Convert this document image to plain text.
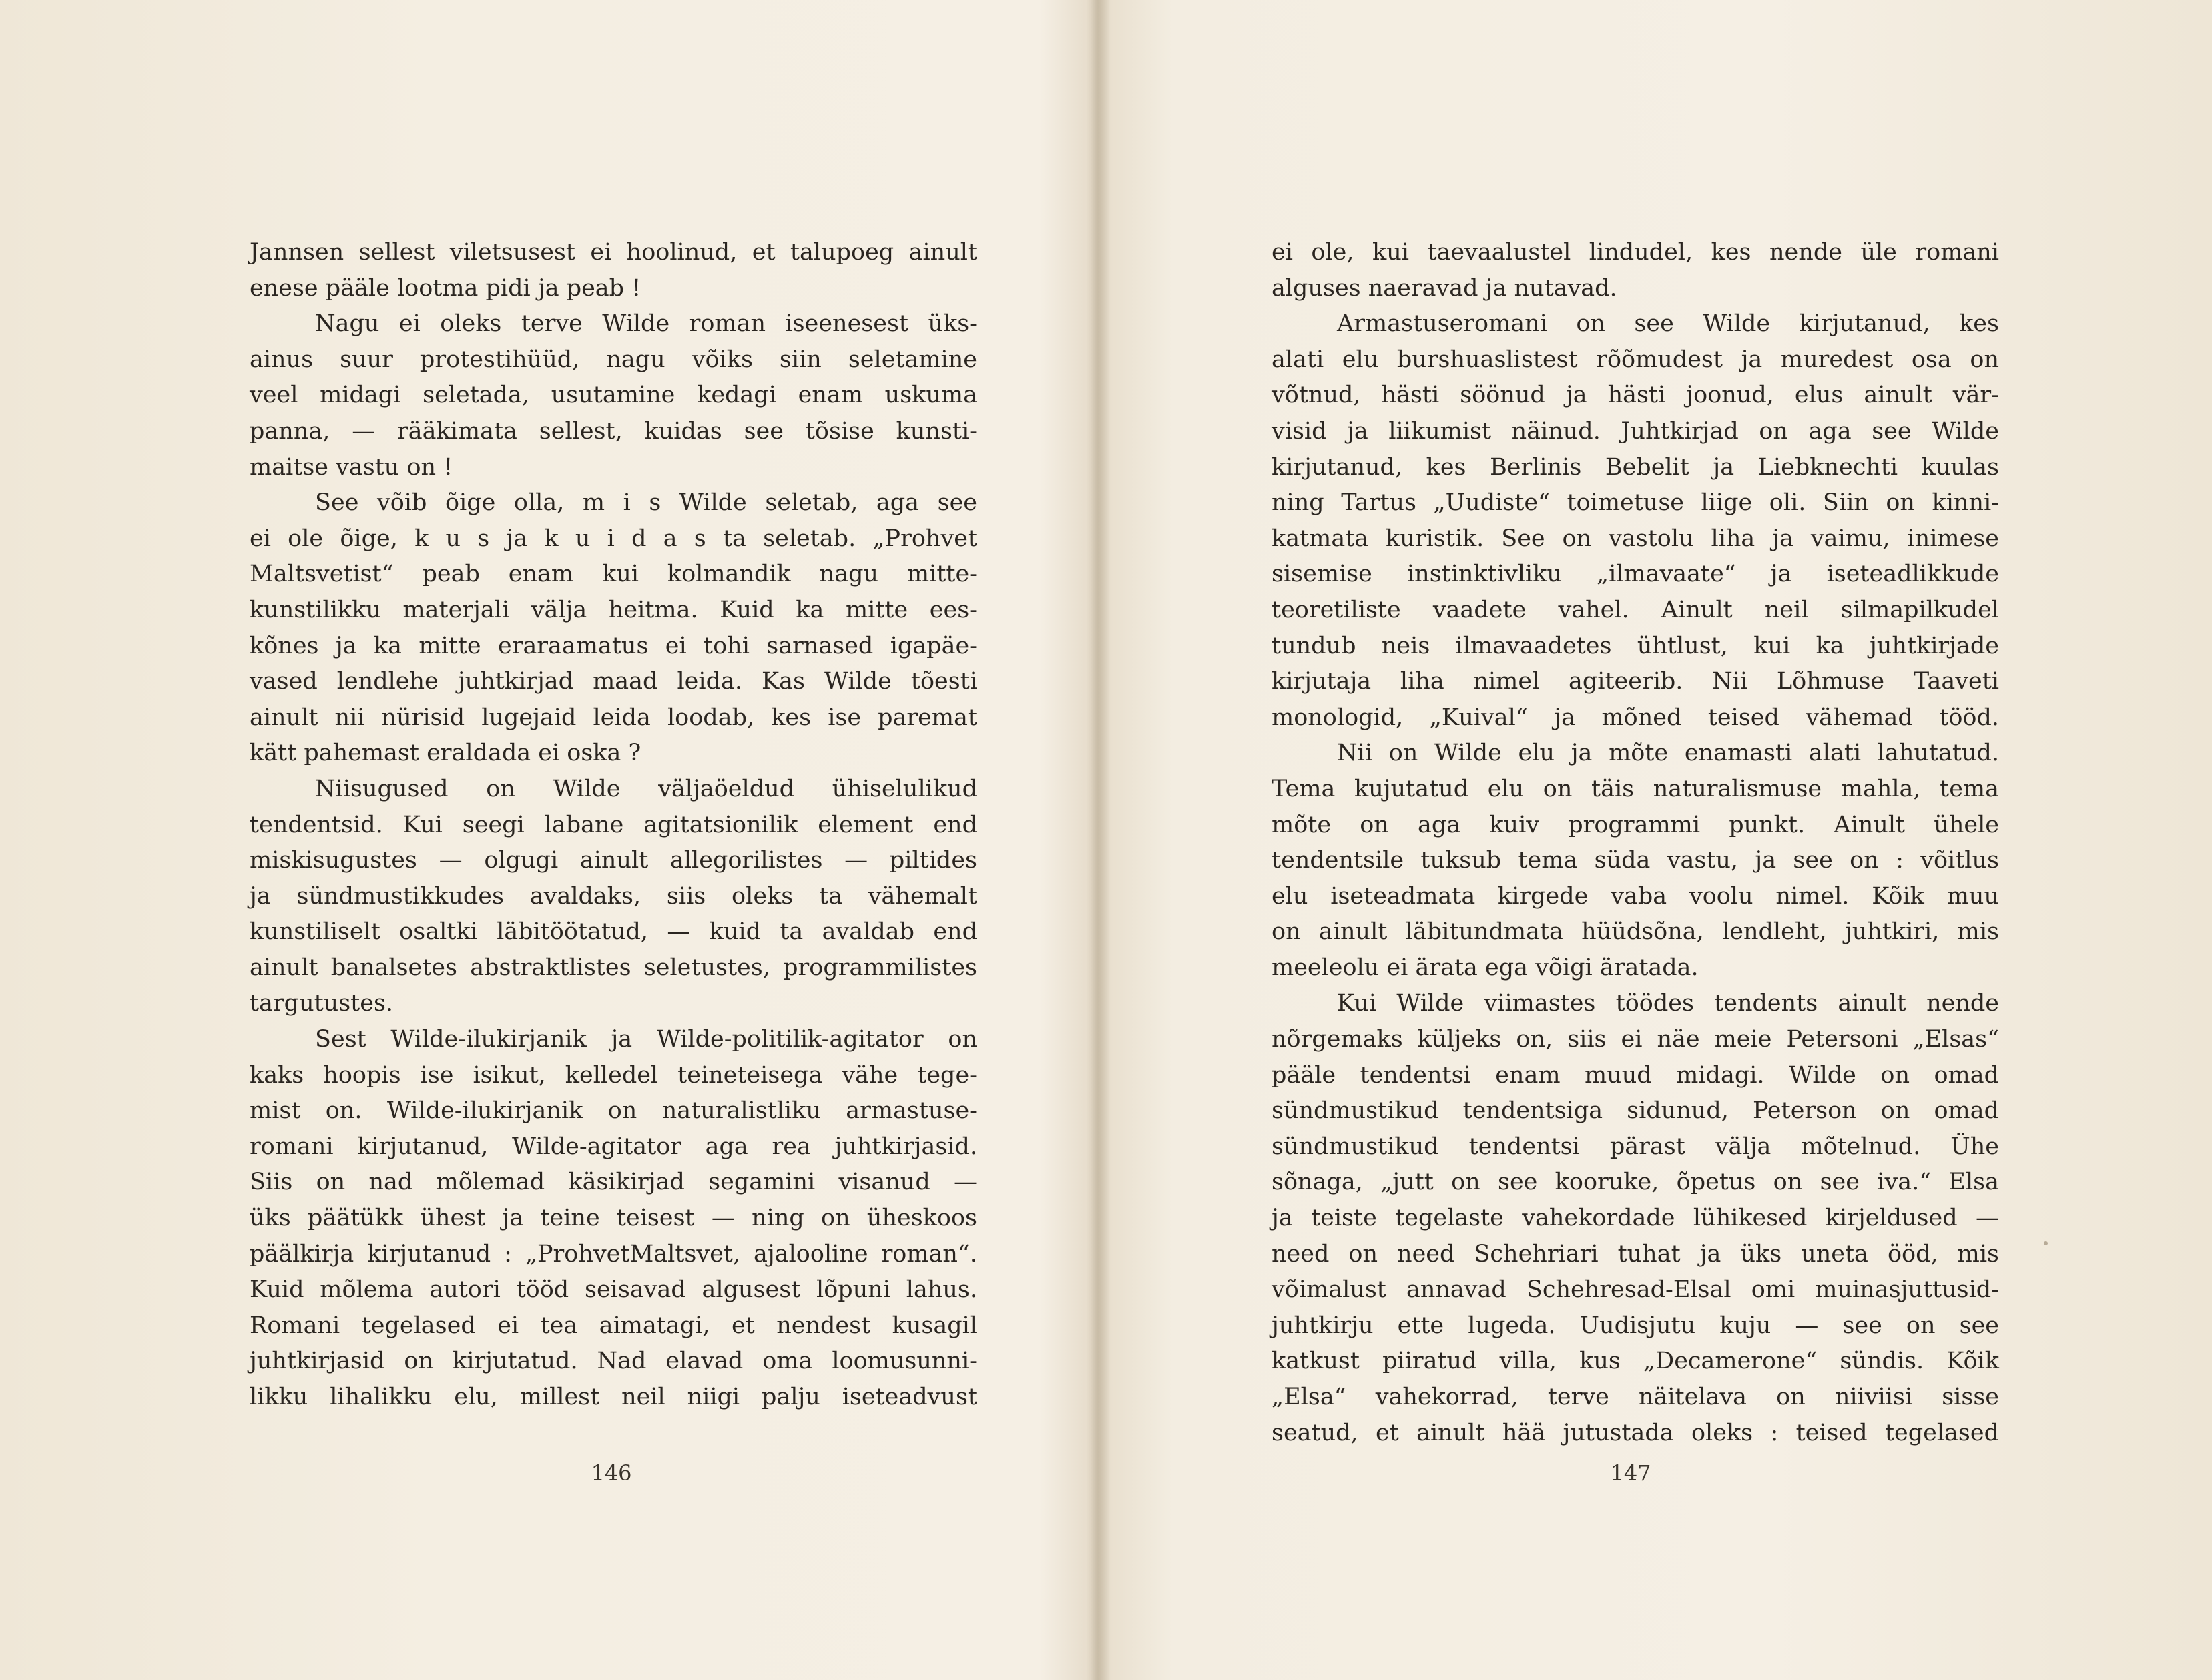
Jannsen sellest viletsusest ei hoolinud, et talupoeg ainult
enese pääle lootma pidi ja peab !
Nagu ei oleks terve Wilde roman iseenesest üks-
ainus suur protestihüüd, nagu võiks siin seletamine
veel midagi seletada, usutamine kedagi enam uskuma
panna, — rääkimata sellest, kuidas see tõsise kunsti-
maitse vastu on !
See võib õige olla, m i s Wilde seletab, aga see
ei ole õige, k u s ja k u i d a s ta seletab. „Prohvet
Maltsvetist“ peab enam kui kolmandik nagu mitte-
kunstilikku materjali välja heitma. Kuid ka mitte ees-
kõnes ja ka mitte eraraamatus ei tohi sarnased igapäe-
vased lendlehe juhtkirjad maad leida. Kas Wilde tõesti
ainult nii nürisid lugejaid leida loodab, kes ise paremat
kätt pahemast eraldada ei oska ?
Niisugused on Wilde väljaöeldud ühiselulikud
tendentsid. Kui seegi labane agitatsionilik element end
miskisugustes — olgugi ainult allegorilistes — piltides
ja sündmustikkudes avaldaks, siis oleks ta vähemalt
kunstiliselt osaltki läbitöötatud, — kuid ta avaldab end
ainult banalsetes abstraktlistes seletustes, programmilistes
targutustes.
Sest Wilde-ilukirjanik ja Wilde-politilik-agitator on
kaks hoopis ise isikut, kelledel teineteisega vähe tege-
mist on. Wilde-ilukirjanik on naturalistliku armastuse-
romani kirjutanud, Wilde-agitator aga rea juhtkirjasid.
Siis on nad mõlemad käsikirjad segamini visanud —
üks päätükk ühest ja teine teisest — ning on üheskoos
päälkirja kirjutanud : „ProhvetMaltsvet, ajalooline roman“.
Kuid mõlema autori tööd seisavad algusest lõpuni lahus.
Romani tegelased ei tea aimatagi, et nendest kusagil
juhtkirjasid on kirjutatud. Nad elavad oma loomusunni-
likku lihalikku elu, millest neil niigi palju iseteadvust
146
ei ole, kui taevaalustel lindudel, kes nende üle romani
alguses naeravad ja nutavad.
Armastuseromani on see Wilde kirjutanud, kes
alati elu burshuaslistest rõõmudest ja muredest osa on
võtnud, hästi söönud ja hästi joonud, elus ainult vär-
visid ja liikumist näinud. Juhtkirjad on aga see Wilde
kirjutanud, kes Berlinis Bebelit ja Liebknechti kuulas
ning Tartus „Uudiste“ toimetuse liige oli. Siin on kinni-
katmata kuristik. See on vastolu liha ja vaimu, inimese
sisemise instinktivliku „ilmavaate“ ja iseteadlikkude
teoretiliste vaadete vahel. Ainult neil silmapilkudel
tundub neis ilmavaadetes ühtlust, kui ka juhtkirjade
kirjutaja liha nimel agiteerib. Nii Lõhmuse Taaveti
monologid, „Kuival“ ja mõned teised vähemad tööd.
Nii on Wilde elu ja mõte enamasti alati lahutatud.
Tema kujutatud elu on täis naturalismuse mahla, tema
mõte on aga kuiv programmi punkt. Ainult ühele
tendentsile tuksub tema süda vastu, ja see on : võitlus
elu iseteadmata kirgede vaba voolu nimel. Kõik muu
on ainult läbitundmata hüüdsõna, lendleht, juhtkiri, mis
meeleolu ei ärata ega võigi äratada.
Kui Wilde viimastes töödes tendents ainult nende
nõrgemaks küljeks on, siis ei näe meie Petersoni „Elsas“
pääle tendentsi enam muud midagi. Wilde on omad
sündmustikud tendentsiga sidunud, Peterson on omad
sündmustikud tendentsi pärast välja mõtelnud. Ühe
sõnaga, „jutt on see kooruke, õpetus on see iva.“ Elsa
ja teiste tegelaste vahekordade lühikesed kirjeldused —
need on need Schehriari tuhat ja üks uneta ööd, mis
võimalust annavad Schehresad-Elsal omi muinasjuttusid-
juhtkirju ette lugeda. Uudisjutu kuju — see on see
katkust piiratud villa, kus „Decamerone“ sündis. Kõik
„Elsa“ vahekorrad, terve näitelava on niiviisi sisse
seatud, et ainult hää jutustada oleks : teised tegelased
147
